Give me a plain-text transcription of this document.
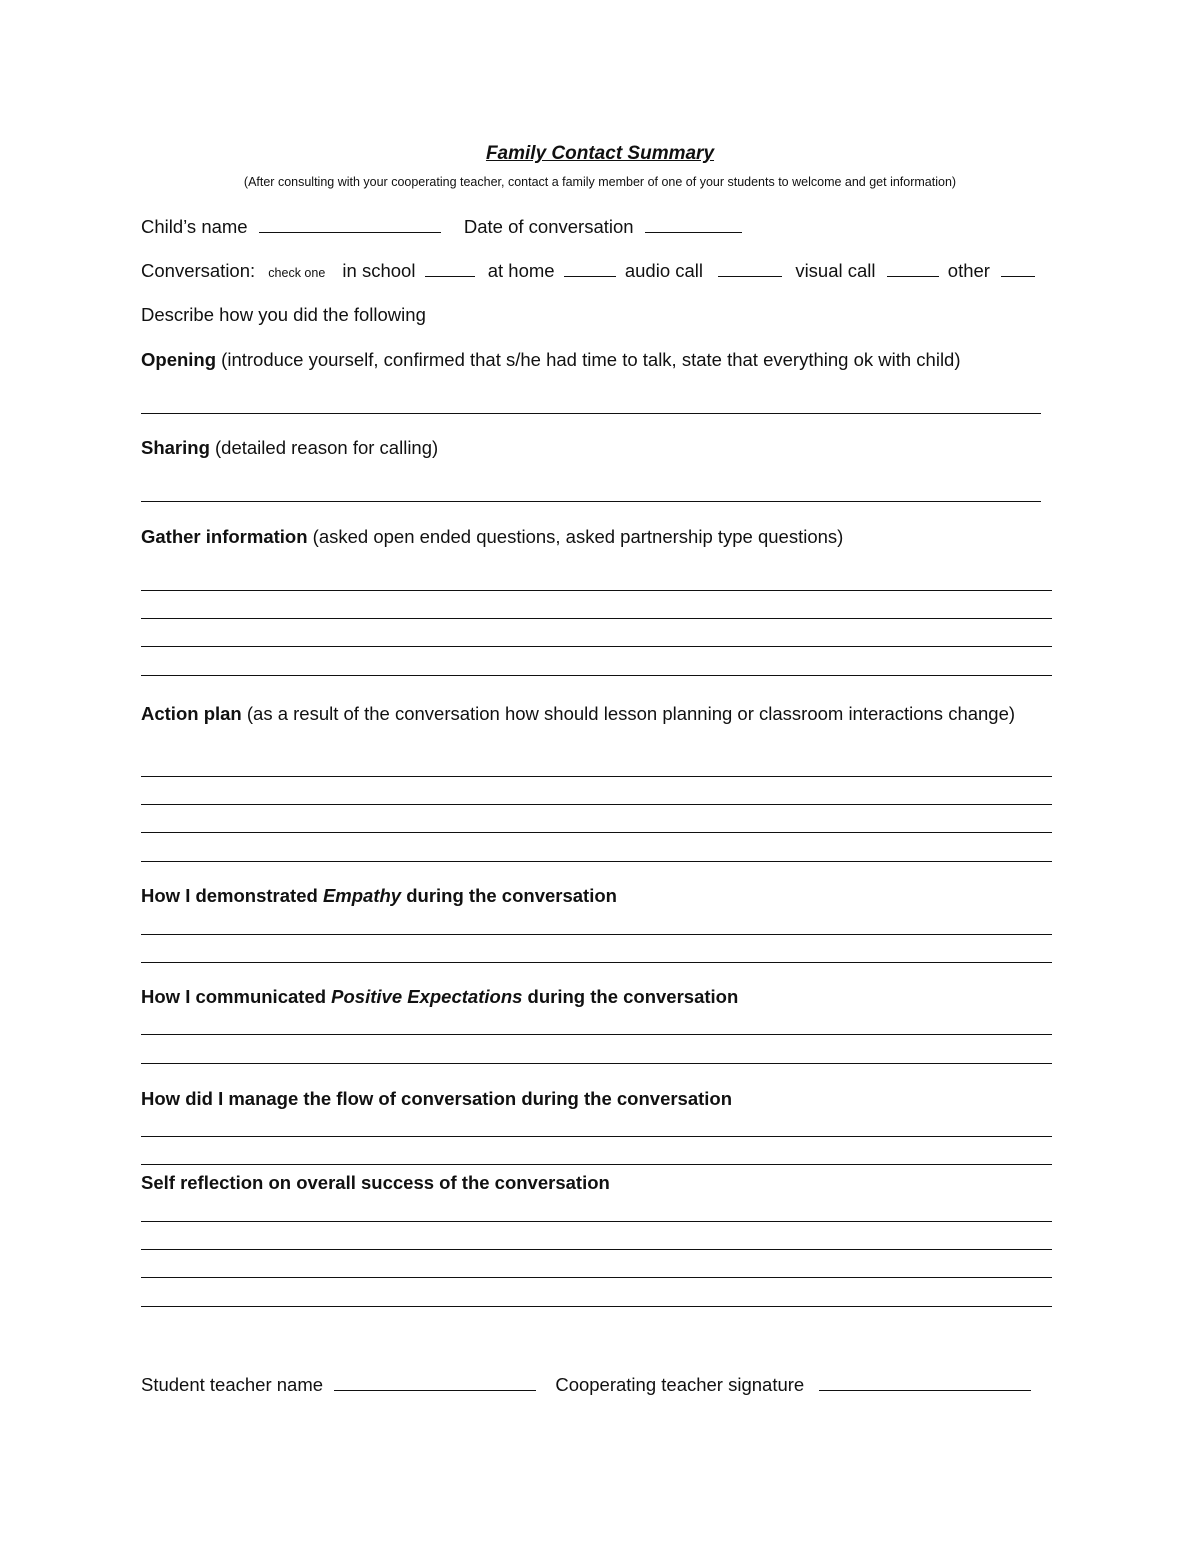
Family Contact Summary
(After consulting with your cooperating teacher, contact a family member of one of your students to welcome and get information)
Child’s name	Date of conversation
Conversation: check one in school	at home	audio call	visual call	other
Describe how you did the following
Opening (introduce yourself, confirmed that s/he had time to talk, state that everything ok with child)
Sharing (detailed reason for calling)
Gather information (asked open ended questions, asked partnership type questions)
Action plan (as a result of the conversation how should lesson planning or classroom interactions change)
How I demonstrated Empathy during the conversation
How I communicated Positive Expectations during the conversation
How did I manage the flow of conversation during the conversation
Self reflection on overall success of the conversation
Student teacher name	Cooperating teacher signature
